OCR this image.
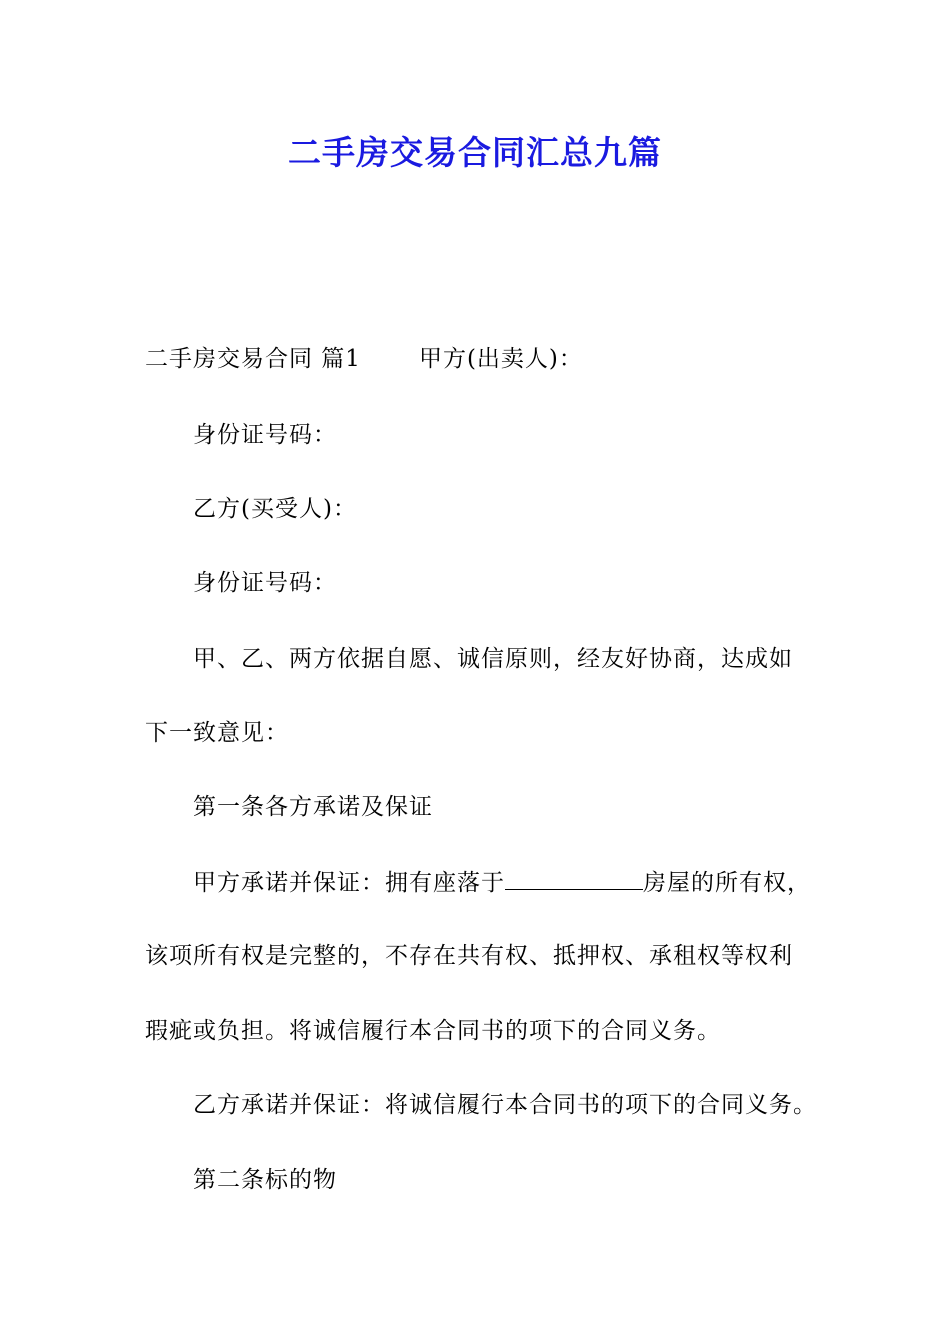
二手房交易合同汇总九篇
二手房交易合同 篇1	甲方(出卖人)：
身份证号码：
乙方(买受人)：
身份证号码：
甲、乙、两方依据自愿、诚信原则，经友好协商，达成如
下一致意见：
第一条各方承诺及保证
甲方承诺并保证：拥有座落于	房屋的所有权，
该项所有权是完整的，不存在共有权、抵押权、承租权等权利
瑕疵或负担。将诚信履行本合同书的项下的合同义务。
乙方承诺并保证：将诚信履行本合同书的项下的合同义务。
第二条标的物
